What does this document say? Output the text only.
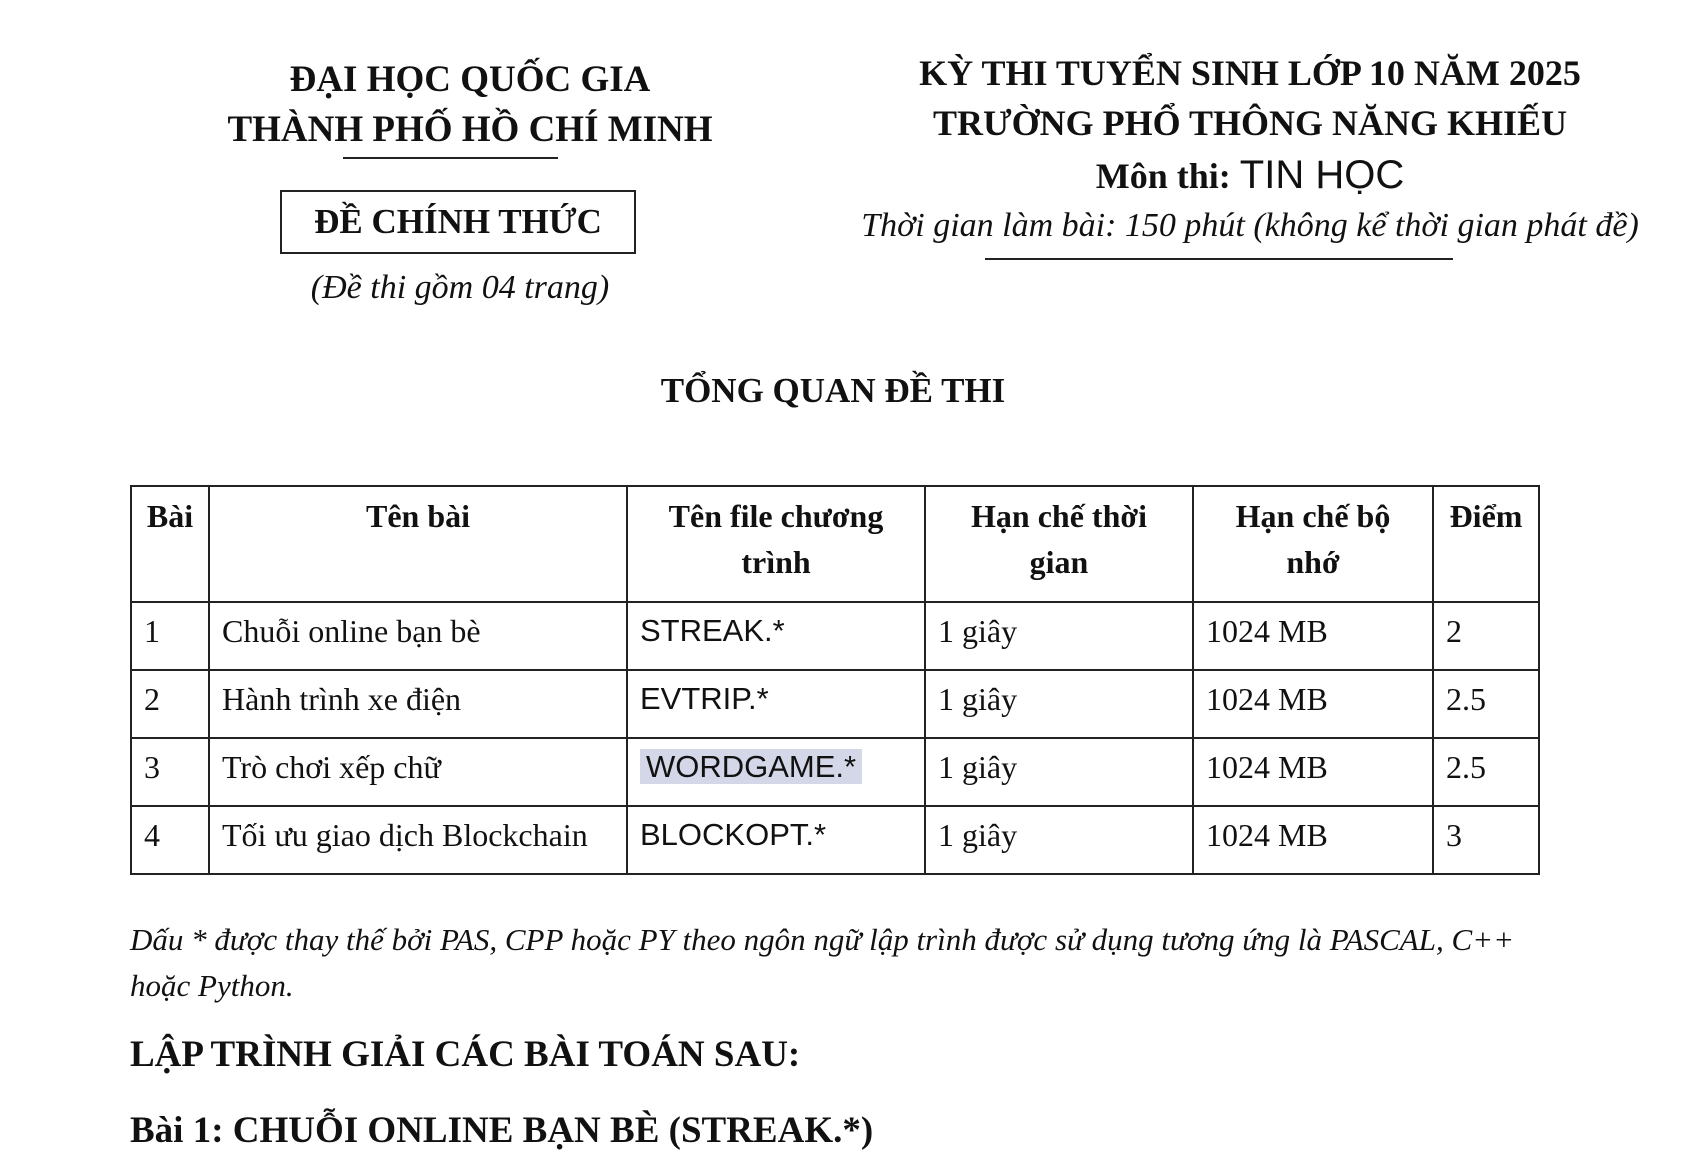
ĐẠI HỌC QUỐC GIA
THÀNH PHỐ HỒ CHÍ MINH
ĐỀ CHÍNH THỨC
(Đề thi gồm 04 trang)
KỲ THI TUYỂN SINH LỚP 10 NĂM 2025
TRƯỜNG PHỔ THÔNG NĂNG KHIẾU
Môn thi: TIN HỌC
Thời gian làm bài: 150 phút (không kể thời gian phát đề)
TỔNG QUAN ĐỀ THI
Bài	Tên bài	Tên file chương trình	Hạn chế thời gian	Hạn chế bộ nhớ	Điểm
1	Chuỗi online bạn bè	STREAK.*	1 giây	1024 MB	2
2	Hành trình xe điện	EVTRIP.*	1 giây	1024 MB	2.5
3	Trò chơi xếp chữ	WORDGAME.*	1 giây	1024 MB	2.5
4	Tối ưu giao dịch Blockchain	BLOCKOPT.*	1 giây	1024 MB	3
Dấu * được thay thế bởi PAS, CPP hoặc PY theo ngôn ngữ lập trình được sử dụng tương ứng là PASCAL, C++ hoặc Python.
LẬP TRÌNH GIẢI CÁC BÀI TOÁN SAU:
Bài 1: CHUỖI ONLINE BẠN BÈ (STREAK.*)
